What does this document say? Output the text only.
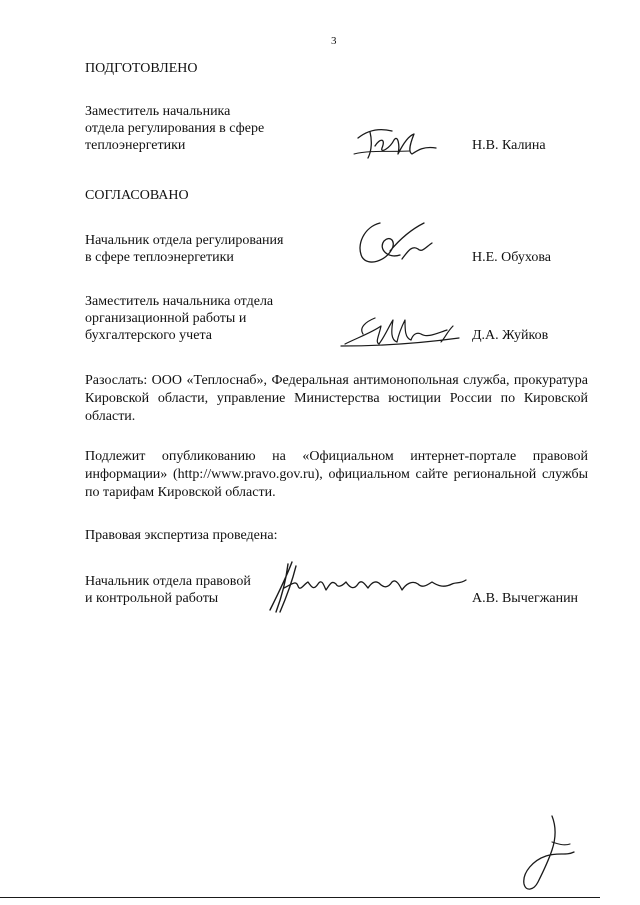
3
ПОДГОТОВЛЕНО
Заместитель начальника
отдела регулирования в сфере
теплоэнергетики	Н.В. Калина
СОГЛАСОВАНО
Начальник отдела регулирования
в сфере теплоэнергетики	Н.Е. Обухова
Заместитель начальника отдела
организационной работы и
бухгалтерского учета	Д.А. Жуйков
Разослать: ООО «Теплоснаб», Федеральная антимонопольная служба, прокуратура Кировской области, управление Министерства юстиции России по Кировской области.
Подлежит опубликованию на «Официальном интернет-портале правовой информации» (http://www.pravo.gov.ru), официальном сайте региональной службы по тарифам Кировской области.
Правовая экспертиза проведена:
Начальник отдела правовой
и контрольной работы	А.В. Вычегжанин
